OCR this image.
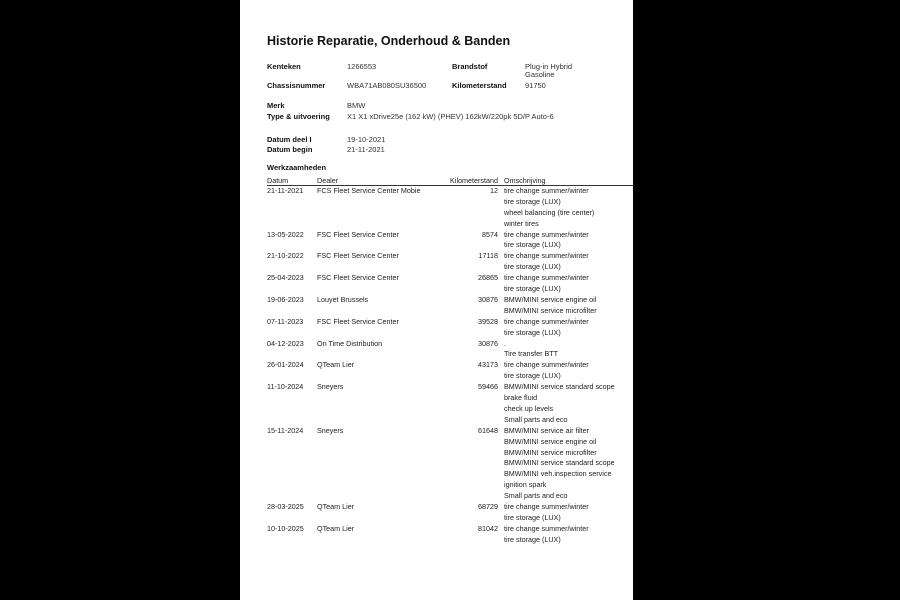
Historie Reparatie, Onderhoud & Banden
Kenteken	1266553	Brandstof	Plug-in Hybrid
Gasoline
Chassisnummer	WBA71AB080SU36500	Kilometerstand 91750
Merk	BMW
Type & uitvoering X1 X1 xDrive25e (162 kW) (PHEV) 162kW/220pk 5D/P Auto-6
Datum deel I	19-10-2021
Datum begin	21-11-2021
Werkzaamheden
Datum	Dealer	Kilometerstand Omschrijving
21-11-2021 FCS Fleet Service Center Mobie	12 tire change summer/winter
tire storage (LUX)
wheel balancing (tire center)
winter tires
13-05-2022 FSC Fleet Service Center	8574 tire change summer/winter
tire storage (LUX)
21-10-2022 FSC Fleet Service Center	17118 tire change summer/winter
tire storage (LUX)
25-04-2023 FSC Fleet Service Center	26865 tire change summer/winter
tire storage (LUX)
19-06-2023 Louyet Brussels	30876 BMW/MINI service engine oil
BMW/MINI service microfilter
07-11-2023 FSC Fleet Service Center	39528 tire change summer/winter
tire storage (LUX)
04-12-2023 On Time Distribution	30876 .
Tire transfer BTT
26-01-2024 QTeam Lier	43173 tire change summer/winter
tire storage (LUX)
11-10-2024 Sneyers	59466 BMW/MINI service standard scope
brake fluid
check up levels
Small parts and eco
15-11-2024 Sneyers	61648 BMW/MINI service air filter
BMW/MINI service engine oil
BMW/MINI service microfilter
BMW/MINI service standard scope
BMW/MINI veh.inspection service
ignition spark
Small parts and eco
28-03-2025 QTeam Lier	68729 tire change summer/winter
tire storage (LUX)
10-10-2025 QTeam Lier	81042 tire change summer/winter
tire storage (LUX)
